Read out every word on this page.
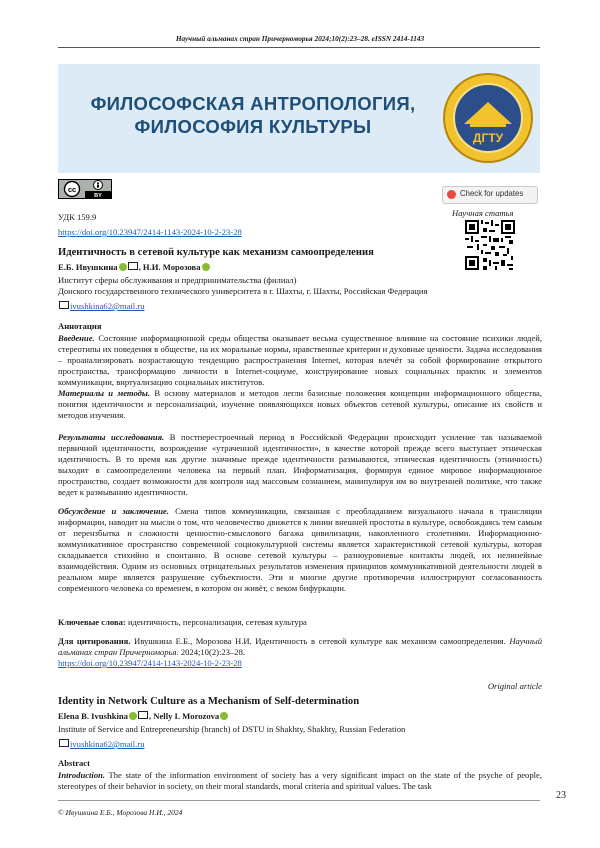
Научный альманах стран Причерноморья 2024;10(2):23–28. eISSN 2414-1143
ФИЛОСОФСКАЯ АНТРОПОЛОГИЯ,
ФИЛОСОФИЯ КУЛЬТУРЫ
ДГТУ
cc
BY	Check for updates
Научная статья
УДК 159.9
https://doi.org/10.23947/2414-1143-2024-10-2-23-28
Идентичность в сетевой культуре как механизм самоопределения
Е.Б. Ивушкина , Н.И. Морозова
Институт сферы обслуживания и предпринимательства (филиал)
Донского государственного технического университета в г. Шахты, г. Шахты, Российская Федерация
ivushkina62@mail.ru
Аннотация
Введение. Состояние информационной среды общества оказывает весьма существенное влияние на состояние психики людей, стереотипы их поведения в обществе, на их моральные нормы, нравственные критерии и духовные ценности. Задача исследования – проанализировать возрастающую тенденцию распространения Internet, которая влечёт за собой формирование открытого пространства, трансформацию личности в Internet-социуме, конструирование новых социальных практик и элементов коммуникации, виртуализацию социальных институтов.
Материалы и методы. В основу материалов и методов легли базисные положения концепции информационного общества, понятия идентичности и персонализации, изучение появляющихся новых объектов сетевой культуры, описание их свойств и методов изучения.
Результаты исследования. В постперестроечный период в Российской Федерации происходит усиление так называемой первичной идентичности, возрождение «утраченной идентичности», в качестве которой прежде всего выступает этническая идентичность. В то время как другие значимые прежде идентичности размываются, этническая идентичность (этничность) выходит в самоопределении человека на первый план. Информатизация, формируя единое мировое информационное пространство, создает возможности для контроля над массовым сознанием, манипулируя им во внутренней политике, что также ведет к размыванию идентичности.
Обсуждение и заключение. Смена типов коммуникации, связанная с преобладанием визуального начала в трансляции информации, наводит на мысли о том, что человечество движется к линии внешней простоты в культуре, освобождаясь тем самым от перензбытка и сложности ценностно-смыслового багажа цивилизации, накопленного столетиями. Информационно-коммуникативное пространство современной социокультурной системы является характеристикой сетевой культуры, которая складывается стихийно и спонтанно. В основе сетевой культуры – разноуровневые контакты людей, их нелинейные взаимодействия. Одним из основных отрицательных результатов изменения принципов коммуникативной деятельности людей в реальном мире является разрушение субъектности. Эти и многие другие противоречия иллюстрируют согласованность современного человека со временем, в котором он живёт, с веком бифуркации.
Ключевые слова: идентичность, персонализация, сетевая культура
Для цитирования. Ивушкина Е.Б., Морозова Н.И. Идентичность в сетевой культуре как механизм самоопределения. Научный альманах стран Причерноморья. 2024;10(2):23–28.
https://doi.org/10.23947/2414-1143-2024-10-2-23-28
Original article
Identity in Network Culture as a Mechanism of Self-determination
Elena B. Ivushkina , Nelly I. Morozova
Institute of Service and Entrepreneurship (branch) of DSTU in Shakhty, Shakhty, Russian Federation
ivushkina62@mail.ru
Abstract
Introduction. The state of the information environment of society has a very significant impact on the state of the psyche of people, stereotypes of their behavior in society, on their moral standards, moral criteria and spiritual values. The task
23
© Ивушкина Е.Б., Морозова Н.И., 2024
